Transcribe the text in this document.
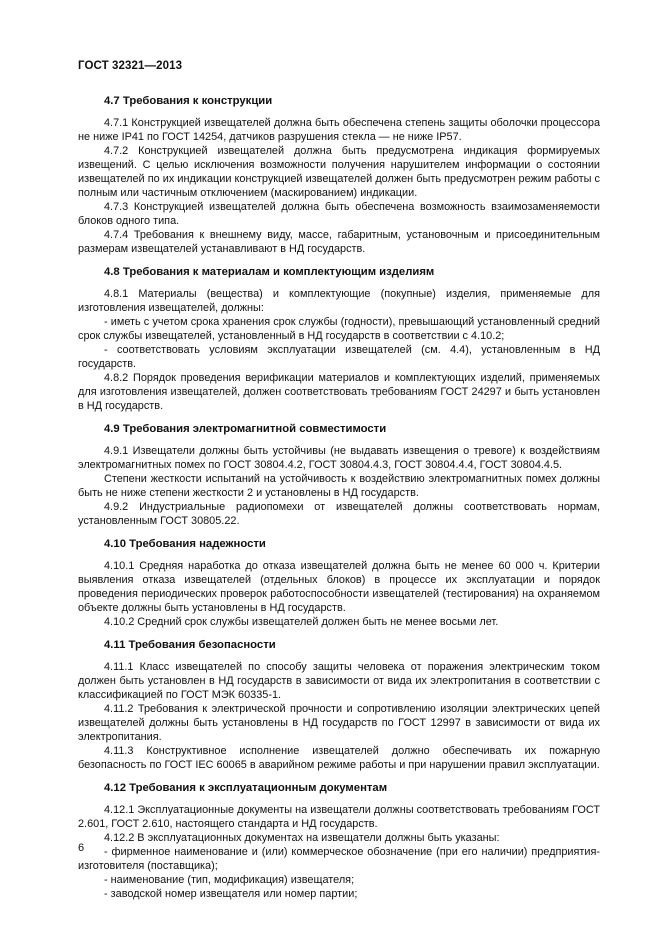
ГОСТ 32321—2013
4.7 Требования к конструкции

4.7.1 Конструкцией извещателей должна быть обеспечена степень защиты оболочки процессора не ниже IP41 по ГОСТ 14254, датчиков разрушения стекла — не ниже IP57.

4.7.2 Конструкцией извещателей должна быть предусмотрена индикация формируемых извещений. С целью исключения возможности получения нарушителем информации о состоянии извещателей по их индикации конструкцией извещателей должен быть предусмотрен режим работы с полным или частичным отключением (маскированием) индикации.

4.7.3 Конструкцией извещателей должна быть обеспечена возможность взаимозаменяемости блоков одного типа.

4.7.4 Требования к внешнему виду, массе, габаритным, установочным и присоединительным размерам извещателей устанавливают в НД государств.

4.8 Требования к материалам и комплектующим изделиям

4.8.1 Материалы (вещества) и комплектующие (покупные) изделия, применяемые для изготовления извещателей, должны:

- иметь с учетом срока хранения срок службы (годности), превышающий установленный средний срок службы извещателей, установленный в НД государств в соответствии с 4.10.2;

- соответствовать условиям эксплуатации извещателей (см. 4.4), установленным в НД государств.

4.8.2 Порядок проведения верификации материалов и комплектующих изделий, применяемых для изготовления извещателей, должен соответствовать требованиям ГОСТ 24297 и быть установлен в НД государств.

4.9 Требования электромагнитной совместимости

4.9.1 Извещатели должны быть устойчивы (не выдавать извещения о тревоге) к воздействиям электромагнитных помех по ГОСТ 30804.4.2, ГОСТ 30804.4.3, ГОСТ 30804.4.4, ГОСТ 30804.4.5.

Степени жесткости испытаний на устойчивость к воздействию электромагнитных помех должны быть не ниже степени жесткости 2 и установлены в НД государств.

4.9.2 Индустриальные радиопомехи от извещателей должны соответствовать нормам, установленным ГОСТ 30805.22.

4.10 Требования надежности

4.10.1 Средняя наработка до отказа извещателей должна быть не менее 60 000 ч. Критерии выявления отказа извещателей (отдельных блоков) в процессе их эксплуатации и порядок проведения периодических проверок работоспособности извещателей (тестирования) на охраняемом объекте должны быть установлены в НД государств.

4.10.2 Средний срок службы извещателей должен быть не менее восьми лет.

4.11 Требования безопасности

4.11.1 Класс извещателей по способу защиты человека от поражения электрическим током должен быть установлен в НД государств в зависимости от вида их электропитания в соответствии с классификацией по ГОСТ МЭК 60335-1.

4.11.2 Требования к электрической прочности и сопротивлению изоляции электрических цепей извещателей должны быть установлены в НД государств по ГОСТ 12997 в зависимости от вида их электропитания.

4.11.3 Конструктивное исполнение извещателей должно обеспечивать их пожарную безопасность по ГОСТ IEC 60065 в аварийном режиме работы и при нарушении правил эксплуатации.

4.12 Требования к эксплуатационным документам

4.12.1 Эксплуатационные документы на извещатели должны соответствовать требованиям ГОСТ 2.601, ГОСТ 2.610, настоящего стандарта и НД государств.

4.12.2 В эксплуатационных документах на извещатели должны быть указаны:

- фирменное наименование и (или) коммерческое обозначение (при его наличии) предприятия-изготовителя (поставщика);

- наименование (тип, модификация) извещателя;

- заводской номер извещателя или номер партии;

6
